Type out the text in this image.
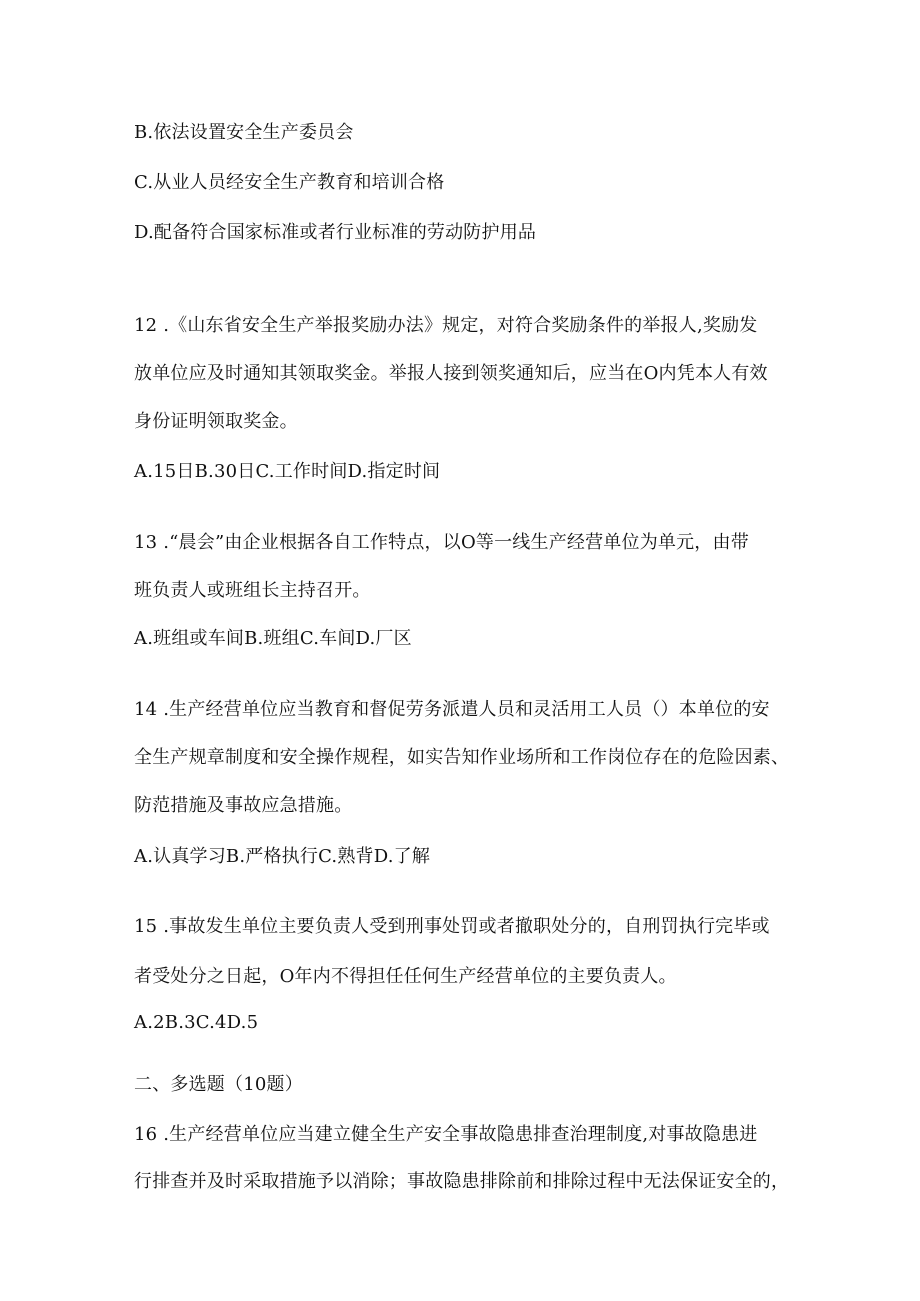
B.依法设置安全生产委员会
C.从业人员经安全生产教育和培训合格
D.配备符合国家标准或者行业标准的劳动防护用品
12 .《山东省安全生产举报奖励办法》规定，对符合奖励条件的举报人,奖励发
放单位应及时通知其领取奖金。举报人接到领奖通知后，应当在O内凭本人有效
身份证明领取奖金。
A.15日B.30日C.工作时间D.指定时间
13 .“晨会”由企业根据各自工作特点，以O等一线生产经营单位为单元，由带
班负责人或班组长主持召开。
A.班组或车间B.班组C.车间D.厂区
14 .生产经营单位应当教育和督促劳务派遣人员和灵活用工人员（）本单位的安
全生产规章制度和安全操作规程，如实告知作业场所和工作岗位存在的危险因素、
防范措施及事故应急措施。
A.认真学习B.严格执行C.熟背D.了解
15 .事故发生单位主要负责人受到刑事处罚或者撤职处分的，自刑罚执行完毕或
者受处分之日起，O年内不得担任任何生产经营单位的主要负责人。
A.2B.3C.4D.5
二、多选题（10题）
16 .生产经营单位应当建立健全生产安全事故隐患排查治理制度,对事故隐患进
行排查并及时采取措施予以消除；事故隐患排除前和排除过程中无法保证安全的，
